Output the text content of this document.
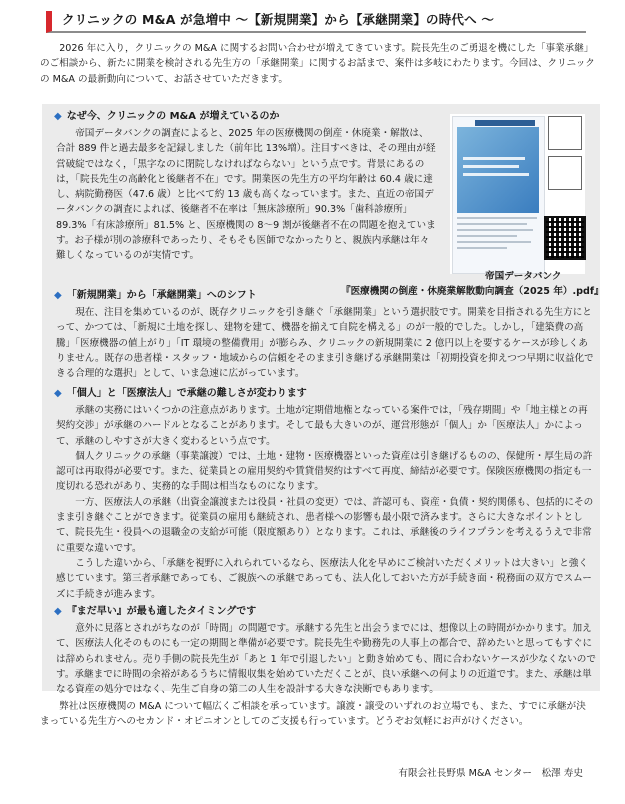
クリニックの M&A が急増中 〜【新規開業】から【承継開業】の時代へ 〜
2026 年に入り，クリニックの M&A に関するお問い合わせが増えてきています。院長先生のご勇退を機にした「事業承継」のご相談から、新たに開業を検討される先生方の「承継開業」に関するお話まで、案件は多岐にわたります。今回は、クリニックの M&A の最新動向について、お話させていただきます。
◆ なぜ今、クリニックの M&A が増えているのか

帝国データバンクの調査によると、2025 年の医療機関の倒産・休廃業・解散は、合計 889 件と過去最多を記録しました（前年比 13%増）。注目すべきは、その理由が経営破綻ではなく，「黒字なのに閉院しなければならない」という点です。背景にあるのは，「院長先生の高齢化と後継者不在」です。開業医の先生方の平均年齢は 60.4 歳に達し、病院勤務医（47.6 歳）と比べて約 13 歳も高くなっています。また、直近の帝国データバンクの調査によれば、後継者不在率は「無床診療所」90.3%「歯科診療所」89.3%「有床診療所」81.5% と、医療機関の 8〜9 割が後継者不在の問題を抱えています。お子様が別の診療科であったり、そもそも医師でなかったりと、親族内承継は年々難しくなっているのが実情です。

帝国データバンク
『医療機関の倒産・休廃業解散動向調査（2025 年）.pdf』
◆ 「新規開業」から「承継開業」へのシフト

現在、注目を集めているのが、既存クリニックを引き継ぐ「承継開業」という選択肢です。開業を目指される先生方にとって、かつては、「新規に土地を探し、建物を建て、機器を揃えて自院を構える」のが一般的でした。しかし，「建築費の高騰」「医療機器の値上がり」「IT 環境の整備費用」が膨らみ、クリニックの新規開業に 2 億円以上を要するケースが珍しくありません。既存の患者様・スタッフ・地域からの信頼をそのまま引き継げる承継開業は「初期投資を抑えつつ早期に収益化できる合理的な選択」として、いま急速に広がっています。

◆ 「個人」と「医療法人」で承継の難しさが変わります

承継の実務にはいくつかの注意点があります。土地が定期借地権となっている案件では，「残存期間」や「地主様との再契約交渉」が承継のハードルとなることがあります。そして最も大きいのが、運営形態が「個人」か「医療法人」かによって、承継のしやすさが大きく変わるという点です。

個人クリニックの承継（事業譲渡）では、土地・建物・医療機器といった資産は引き継げるものの、保健所・厚生局の許認可は再取得が必要です。また、従業員との雇用契約や賃貸借契約はすべて再度、締結が必要です。保険医療機関の指定も一度切れる恐れがあり、実務的な手間は相当なものになります。

一方、医療法人の承継（出資金譲渡または役員・社員の変更）では、許認可も、資産・負債・契約関係も、包括的にそのまま引き継ぐことができます。従業員の雇用も継続され、患者様への影響も最小限で済みます。さらに大きなポイントとして、院長先生・役員への退職金の支給が可能（限度額あり）となります。これは、承継後のライフプランを考えるうえで非常に重要な違いです。

こうした違いから、「承継を視野に入れられているなら、医療法人化を早めにご検討いただくメリットは大きい」と強く感じています。第三者承継であっても、ご親族への承継であっても、法人化しておいた方が手続き面・税務面の双方でスムーズに手続きが進みます。

◆ 『まだ早い』が最も適したタイミングです

意外に見落とされがちなのが「時間」の問題です。承継する先生と出会うまでには、想像以上の時間がかかります。加えて、医療法人化そのものにも一定の期間と準備が必要です。院長先生や勤務先の人事上の都合で、辞めたいと思ってもすぐには辞められません。売り手側の院長先生が「あと 1 年で引退したい」と動き始めても、間に合わないケースが少なくないのです。承継までに時間の余裕があるうちに情報収集を始めていただくことが、良い承継への何よりの近道です。また、承継は単なる資産の処分ではなく、先生ご自身の第二の人生を設計する大きな決断でもあります。

弊社は医療機関の M&A について幅広くご相談を承っています。譲渡・譲受のいずれのお立場でも、また、すでに承継が決まっている先生方へのセカンド・オピニオンとしてのご支援も行っています。どうぞお気軽にお声がけください。

有限会社長野県 M&A センター　松澤 寿史
